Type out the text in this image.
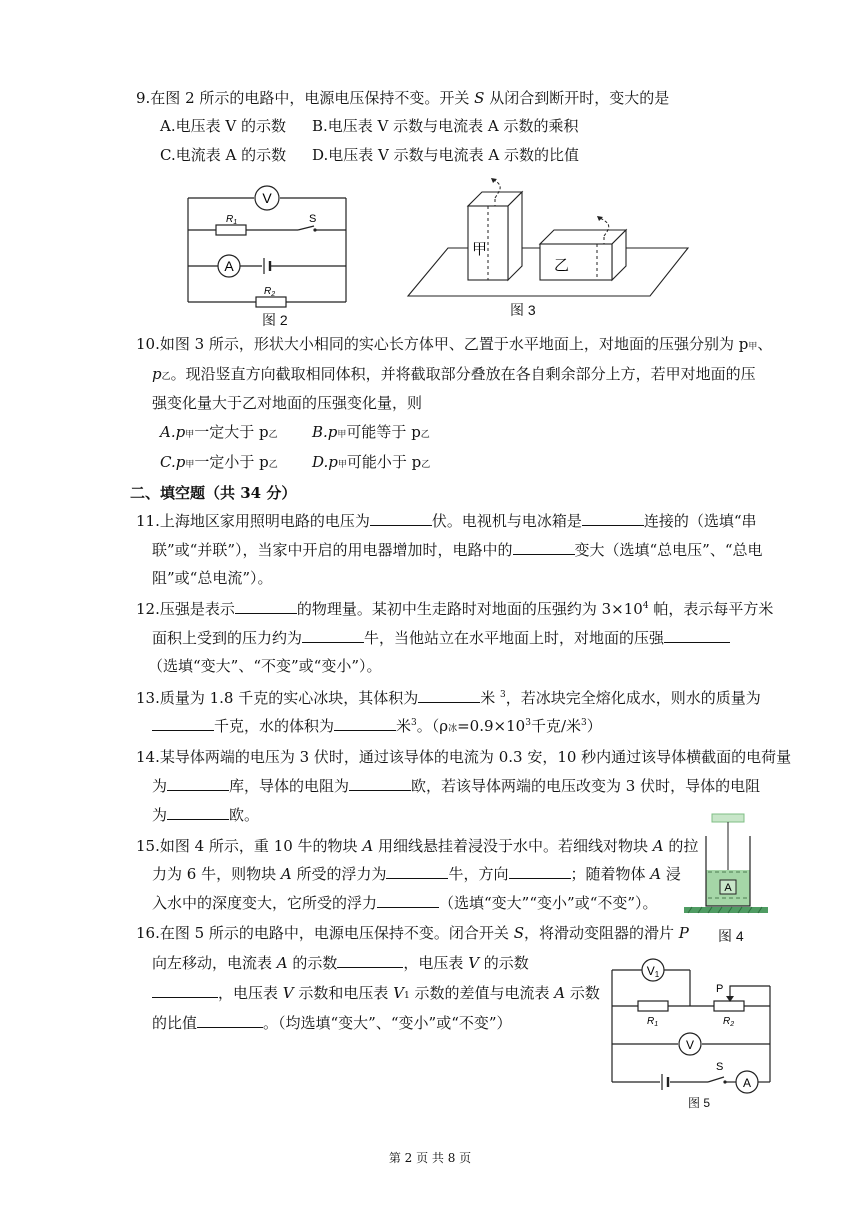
9.在图 2 所示的电路中，电源电压保持不变。开关 S 从闭合到断开时，变大的是
A.电压表 V 的示数 B.电压表 V 示数与电流表 A 示数的乘积
C.电流表 A 的示数 D.电压表 V 示数与电流表 A 示数的比值
V
A
$R_1$	S
$R_2$
图 2
甲
乙
图 3
10.如图 3 所示，形状大小相同的实心长方体甲、乙置于水平地面上，对地面的压强分别为 p甲、
p乙。现沿竖直方向截取相同体积，并将截取部分叠放在各自剩余部分上方，若甲对地面的压
强变化量大于乙对地面的压强变化量，则
A.p甲一定大于 p乙 B.p甲可能等于 p乙
C.p甲一定小于 p乙 D.p甲可能小于 p乙
二、填空题（共 34 分）
11.上海地区家用照明电路的电压为	伏。电视机与电冰箱是	连接的（选填“串
联”或“并联”），当家中开启的用电器增加时，电路中的	变大（选填“总电压”、“总电
阻”或“总电流”）。
12.压强是表示	的物理量。某初中生走路时对地面的压强约为 $3\times 10^4$ 帕，表示每平方米
面积上受到的压力约为	牛，当他站立在水平地面上时，对地面的压强
（选填“变大”、“不变”或“变小”）。
13.质量为 1.8 千克的实心冰块，其体积为	米 $^3$，若冰块完全熔化成水，则水的质量为
千克，水的体积为	米$^3$。（ρ冰$=0.9\times 10^3$千克/米$^3$）
14.某导体两端的电压为 3 伏时，通过该导体的电流为 0.3 安，10 秒内通过该导体横截面的电荷量
为	库，导体的电阻为	欧，若该导体两端的电压改变为 3 伏时，导体的电阻
为	欧。
15.如图 4 所示，重 10 牛的物块 A 用细线悬挂着浸没于水中。若细线对物块 A 的拉
力为 6 牛，则物块 A 所受的浮力为	牛，方向	；随着物体 A 浸
入水中的深度变大，它所受的浮力	（选填“变大”“变小”或“不变”）。
A
图 4
16.在图 5 所示的电路中，电源电压保持不变。闭合开关 S，将滑动变阻器的滑片 P
向左移动，电流表 A 的示数	，电压表 V 的示数
，电压表 V 示数和电压表 V1 示数的差值与电流表 A 示数
的比值	。（均选填“变大”、“变小”或“不变”）
V1
V
A
P
S
$R_1$	$R_2$
图 5
第 2 页 共 8 页
